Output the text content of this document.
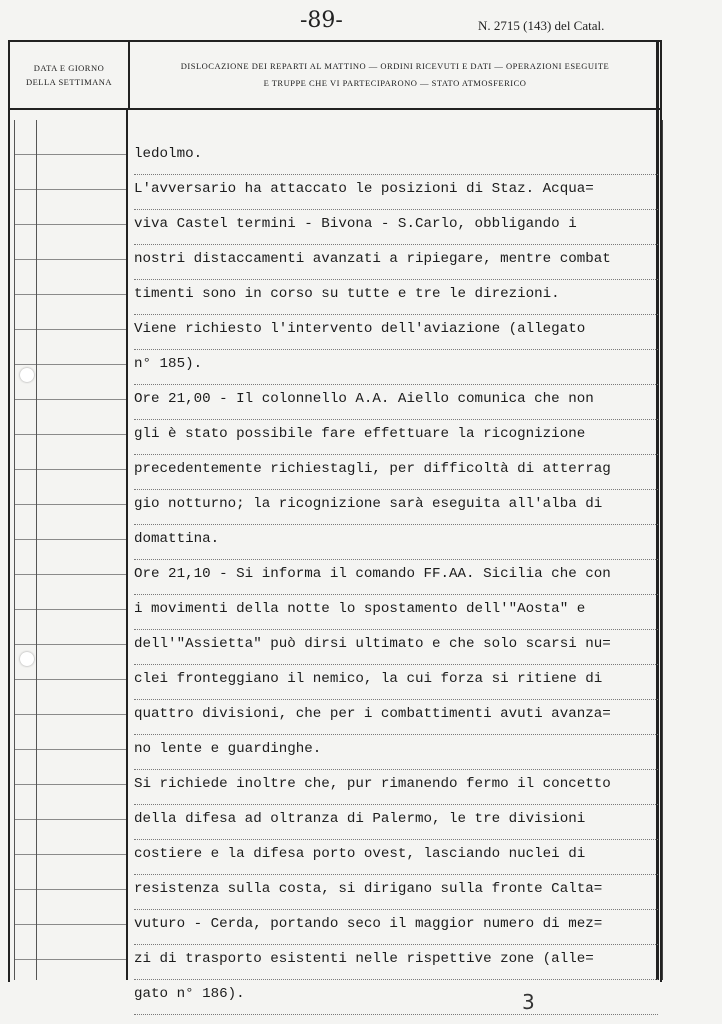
-89-	N. 2715 (143) del Catal.
DATA E GIORNO
DELLA SETTIMANA
DISLOCAZIONE DEI REPARTI AL MATTINO — ORDINI RICEVUTI E DATI — OPERAZIONI ESEGUITE
E TRUPPE CHE VI PARTECIPARONO — STATO ATMOSFERICO
ledolmo.
L'avversario ha attaccato le posizioni di Staz. Acqua=
viva Castel termini - Bivona - S.Carlo, obbligando i
nostri distaccamenti avanzati a ripiegare, mentre combat
timenti sono in corso su tutte e tre le direzioni.
Viene richiesto l'intervento dell'aviazione (allegato
n° 185).
Ore 21,00 - Il colonnello A.A. Aiello comunica che non
gli è stato possibile fare effettuare la ricognizione
precedentemente richiestagli, per difficoltà di atterrag
gio notturno; la ricognizione sarà eseguita all'alba di
domattina.
Ore 21,10 - Si informa il comando FF.AA. Sicilia che con
i movimenti della notte lo spostamento dell'"Aosta" e
dell'"Assietta" può dirsi ultimato e che solo scarsi nu=
clei fronteggiano il nemico, la cui forza si ritiene di
quattro divisioni, che per i combattimenti avuti avanza=
no lente e guardinghe.
Si richiede inoltre che, pur rimanendo fermo il concetto
della difesa ad oltranza di Palermo, le tre divisioni
costiere e la difesa porto ovest, lasciando nuclei di
resistenza sulla costa, si dirigano sulla fronte Calta=
vuturo - Cerda, portando seco il maggior numero di mez=
zi di trasporto esistenti nelle rispettive zone (alle=
gato n° 186).	3
